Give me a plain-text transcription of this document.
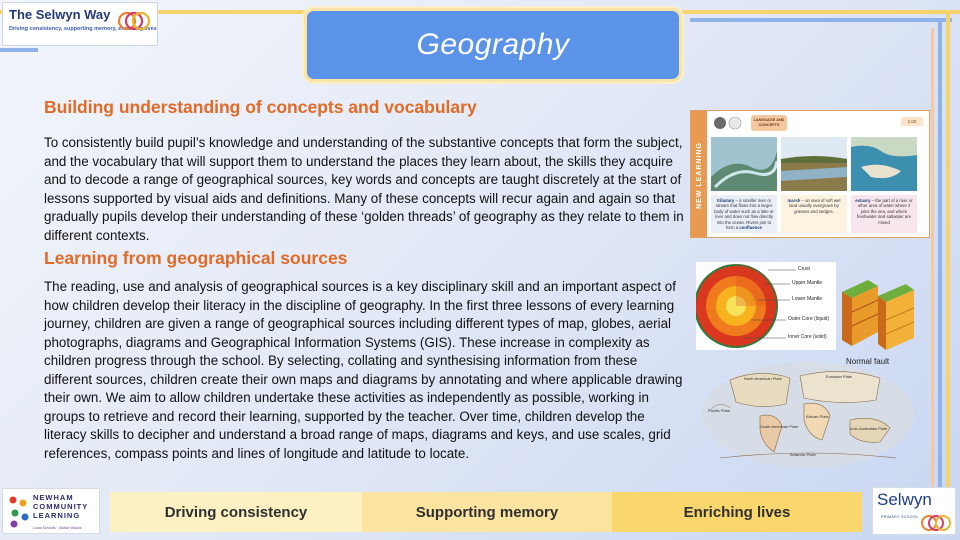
The Selwyn Way
Driving consistency, supporting memory, enriching lives	Geography
Building understanding of concepts and vocabulary
To consistently build pupil’s knowledge and understanding of the substantive concepts that form the subject, and the vocabulary that will support them to understand the places they learn about, the skills they acquire and to decode a range of geographical sources, key words and concepts are taught discretely at the start of lessons supported by visual aids and definitions. Many of these concepts will recur again and again so that gradually pupils develop their understanding of these ‘golden threads’ of geography as they relate to them in different contexts.
Learning from geographical sources
The reading, use and analysis of geographical sources is a key disciplinary skill and an important aspect of how children develop their literacy in the discipline of geography. In the first three lessons of every learning journey, children are given a range of geographical sources including different types of map, globes, aerial photographs, diagrams and Geographical Information Systems (GIS). These increase in complexity as children progress through the school. By selecting, collating and synthesising information from these different sources, children create their own maps and diagrams by annotating and where applicable drawing their own. We aim to allow children undertake these activities as independently as possible, working in groups to retrieve and record their learning, supported by the teacher. Over time, children develop the literacy skills to decipher and understand a broad range of maps, diagrams and keys, and use scales, grid references, compass points and lines of longitude and latitude to locate.
NEW LEARNING
LANGUAGE AND CONCEPTS
1:00
tributary – a smaller river or stream that flows into a larger body of water such as a lake or river and does not flow directly into the ocean. Rivers join to form a confluence
marsh – an area of soft wet land usually overgrown by grasses and sedges.
estuary – the part of a river or other area of water where it joins the sea, and where freshwater and saltwater are mixed
Crust
Upper Mantle
Lower Mantle
Outer Core (liquid)
Inner Core (solid)
Normal fault
North American Plate	Eurasian Plate
Pacific Plate
South American Plate
African Plate
Indo-Australian Plate
Antarctic Plate
NEWHAM
COMMUNITY
LEARNING
Local Schools · Global Visions
Driving consistency	Supporting memory	Enriching lives
Selwyn
PRIMARY SCHOOL
